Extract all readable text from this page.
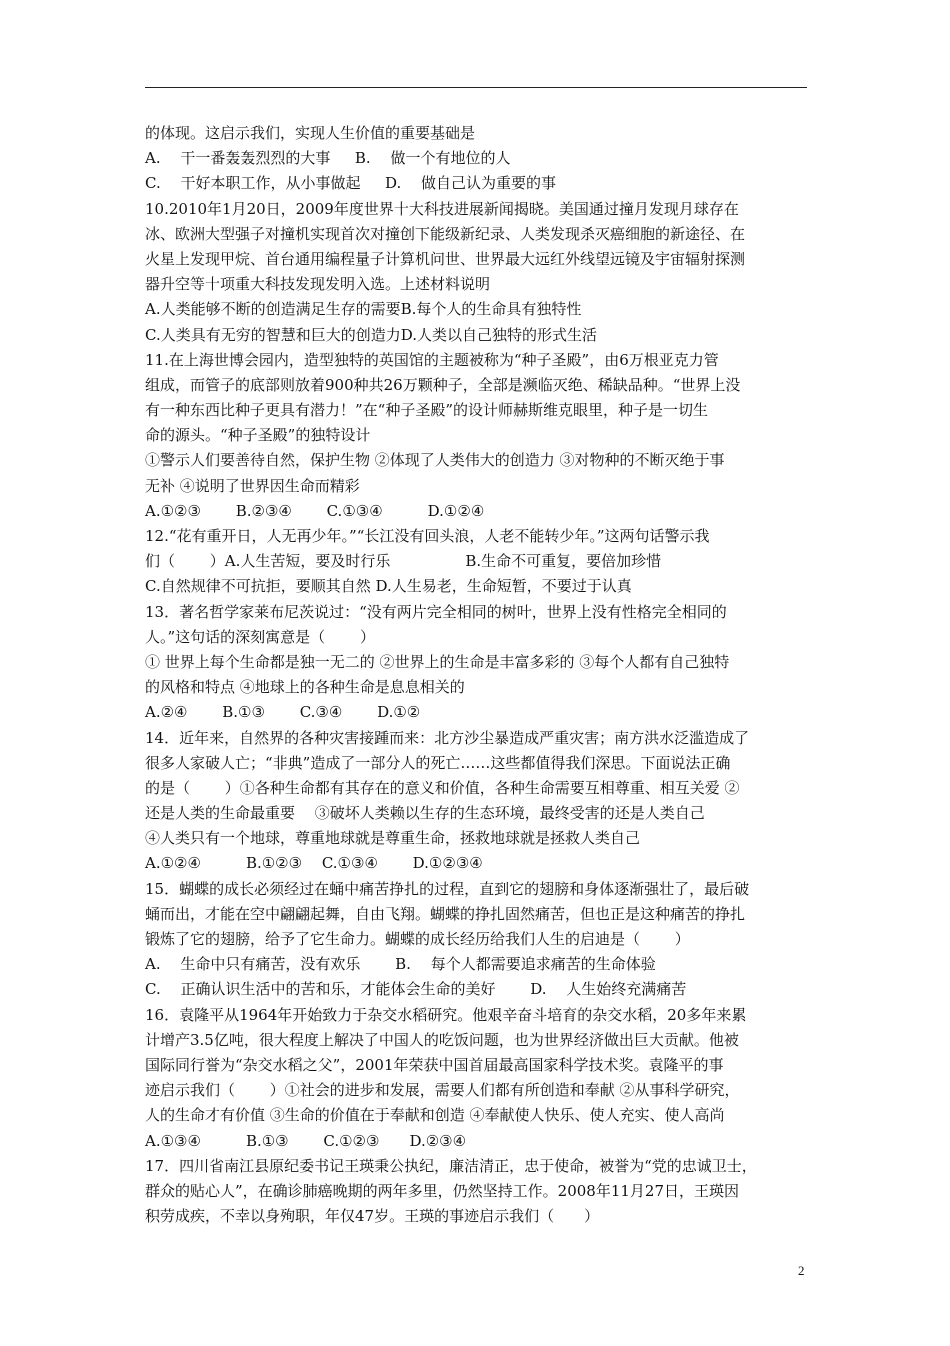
的体现。这启示我们，实现人生价值的重要基础是
A.　 干一番轰轰烈烈的大事　  B.　 做一个有地位的人
C.　 干好本职工作，从小事做起　  D.　 做自己认为重要的事
10.2010年1月20日，2009年度世界十大科技进展新闻揭晓。美国通过撞月发现月球存在
冰、欧洲大型强子对撞机实现首次对撞创下能级新纪录、人类发现杀灭癌细胞的新途径、在
火星上发现甲烷、首台通用编程量子计算机问世、世界最大远红外线望远镜及宇宙辐射探测
器升空等十项重大科技发现发明入选。上述材料说明
A.人类能够不断的创造满足生存的需要B.每个人的生命具有独特性
C.人类具有无穷的智慧和巨大的创造力D.人类以自己独特的形式生活
11.在上海世博会园内，造型独特的英国馆的主题被称为“种子圣殿”，由6万根亚克力管
组成，而管子的底部则放着900种共26万颗种子，全部是濒临灭绝、稀缺品种。“世界上没
有一种东西比种子更具有潜力！”在“种子圣殿”的设计师赫斯维克眼里，种子是一切生
命的源头。“种子圣殿”的独特设计
①警示人们要善待自然，保护生物 ②体现了人类伟大的创造力 ③对物种的不断灭绝于事
无补 ④说明了世界因生命而精彩
A.①②③　　 B.②③④　　 C.①③④　　　D.①②④
12.“花有重开日，人无再少年。”“长江没有回头浪，人老不能转少年。”这两句话警示我
们（　　 ）A.人生苦短，要及时行乐　　　　　B.生命不可重复，要倍加珍惜
C.自然规律不可抗拒，要顺其自然 D.人生易老，生命短暂，不要过于认真
13．著名哲学家莱布尼茨说过：“没有两片完全相同的树叶，世界上没有性格完全相同的
人。”这句话的深刻寓意是（　　 ）
① 世界上每个生命都是独一无二的 ②世界上的生命是丰富多彩的 ③每个人都有自己独特
的风格和特点 ④地球上的各种生命是息息相关的
A.②④　　 B.①③　　 C.③④　　 D.①②
14．近年来，自然界的各种灾害接踵而来：北方沙尘暴造成严重灾害；南方洪水泛滥造成了
很多人家破人亡；“非典”造成了一部分人的死亡……这些都值得我们深思。下面说法正确
的是（　　 ）①各种生命都有其存在的意义和价值，各种生命需要互相尊重、相互关爱 ②
还是人类的生命最重要　 ③破坏人类赖以生存的生态环境，最终受害的还是人类自己
④人类只有一个地球，尊重地球就是尊重生命，拯救地球就是拯救人类自己
A.①②④　　　B.①②③　 C.①③④　　 D.①②③④
15．蝴蝶的成长必须经过在蛹中痛苦挣扎的过程，直到它的翅膀和身体逐渐强壮了，最后破
蛹而出，才能在空中翩翩起舞，自由飞翔。蝴蝶的挣扎固然痛苦，但也正是这种痛苦的挣扎
锻炼了它的翅膀，给予了它生命力。蝴蝶的成长经历给我们人生的启迪是（　　 ）
A.　 生命中只有痛苦，没有欢乐　　 B.　 每个人都需要追求痛苦的生命体验
C.　 正确认识生活中的苦和乐，才能体会生命的美好　　 D.　 人生始终充满痛苦
16．袁隆平从1964年开始致力于杂交水稻研究。他艰辛奋斗培育的杂交水稻，20多年来累
计增产3.5亿吨，很大程度上解决了中国人的吃饭问题，也为世界经济做出巨大贡献。他被
国际同行誉为“杂交水稻之父”，2001年荣获中国首届最高国家科学技术奖。袁隆平的事
迹启示我们（　　 ）①社会的进步和发展，需要人们都有所创造和奉献 ②从事科学研究，
人的生命才有价值 ③生命的价值在于奉献和创造 ④奉献使人快乐、使人充实、使人高尚
A.①③④　　　B.①③　　 C.①②③　　D.②③④
17．四川省南江县原纪委书记王瑛秉公执纪，廉洁清正，忠于使命，被誉为“党的忠诚卫士，
群众的贴心人”，在确诊肺癌晚期的两年多里，仍然坚持工作。2008年11月27日，王瑛因
积劳成疾，不幸以身殉职，年仅47岁。王瑛的事迹启示我们（　　）
2
